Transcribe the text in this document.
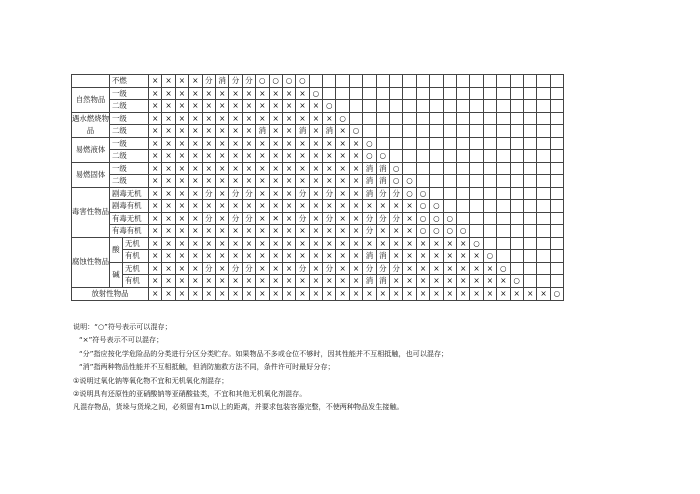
	不燃		×	×	×	×	分	消	分	分	○	○	○	○																			
自然物品	一级		×	×	×	×	×	×	×	×	×	×	×	×	○																		
	二级		×	×	×	×	×	×	×	×	×	×	×	×	×	○																	
遇水燃烧物品	一级		×	×	×	×	×	×	×	×	×	×	×	×	×	×	○																
	二级		×	×	×	×	×	×	×	×	消	×	×	消	×	消	×	○															
易燃液体	一级		×	×	×	×	×	×	×	×	×	×	×	×	×	×	×	×	○														
	二级		×	×	×	×	×	×	×	×	×	×	×	×	×	×	×	×	○	○													
易燃固体	一级		×	×	×	×	×	×	×	×	×	×	×	×	×	×	×	×	消	消	○												
	二级		×	×	×	×	×	×	×	×	×	×	×	×	×	×	×	×	消	消	○	○											
毒害性物品	剧毒无机		×	×	×	×	分	×	分	分	×	×	×	分	×	分	×	×	消	分	分	○	○										
	剧毒有机		×	×	×	×	×	×	×	×	×	×	×	×	×	×	×	×	×	×	×	×	○	○									
	有毒无机		×	×	×	×	分	×	分	分	×	✕	×	分	×	分	×	×	分	分	分	×	○	○	○								
	有毒有机		×	×	×	×	×	×	×	×	×	×	×	×	×	×	×	×	分	×	×	×	○	○	○	○							
腐蚀性物品	酸	无机	×	×	×	×	×	×	×	×	×	×	×	×	×	×	×	×	×	×	×	×	×	×	×	×	○						
		有机	×	×	×	×	×	×	×	×	×	×	×	×	×	×	×	×	消	消	×	×	×	×	×	×	×	○					
	碱	无机	×	×	×	×	分	×	分	分	×	×	×	分	×	分	×	×	分	分	分	×	×	×	×	×	×	×	○				
		有机	×	×	×	×	×	×	×	×	×	×	×	×	×	×	×	×	消	消	×	×	×	×	×	×	×	×	×	○			
放射性物品			×	×	×	×	×	×	×	×	×	×	×	×	×	×	×	×	×	×	×	×	×	×	×	×	×	×	×	×	×	×	○
说明：“○”符号表示可以混存；
“×”符号表示不可以混存；
“分”指应按化学危险品的分类进行分区分类贮存。如果物品不多或仓位不够时，因其性能并不互相抵触，也可以混存；
“消”指两种物品性能并不互相抵触，但消防施救方法不同，条件许可时最好分存；
①说明过氧化钠等氧化物不宜和无机氧化剂混存；
②说明具有还原性的亚硝酸钠等亚硝酸盐类，不宜和其他无机氧化剂混存。
凡混存物品，货垛与货垛之间，必须留有1m以上的距离，并要求包装容器完整，不使两种物品发生接触。
